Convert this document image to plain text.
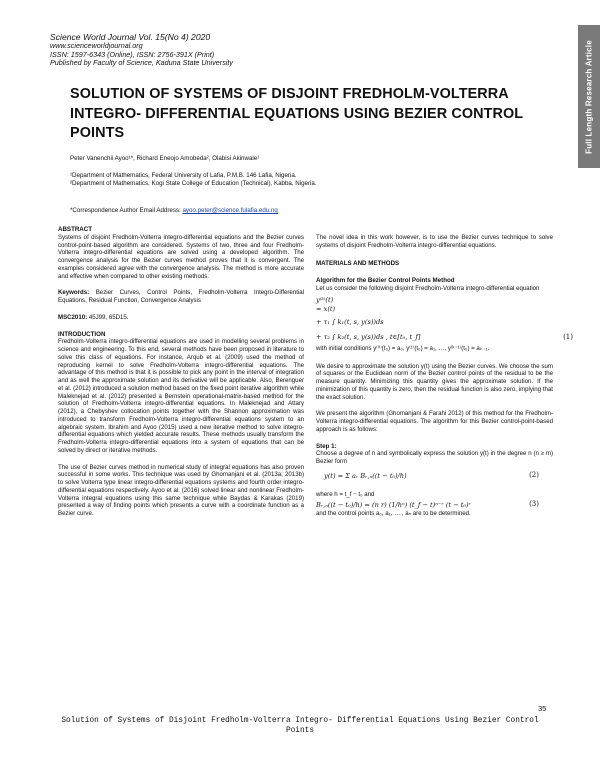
Science World Journal Vol. 15(No 4) 2020
www.scienceworldjournal.org
ISSN: 1597-6343 (Online), ISSN: 2756-391X (Print)
Published by Faculty of Science, Kaduna State University	Full Length Research Article
SOLUTION OF SYSTEMS OF DISJOINT FREDHOLM-VOLTERRA INTEGRO- DIFFERENTIAL EQUATIONS USING BEZIER CONTROL POINTS
Peter Vanenchii Ayoo¹*, Richard Eneojo Amobeda², Olabisi Akinwale¹
¹Department of Mathematics, Federal University of Lafia, P.M.B. 146 Lafia, Nigeria.
²Department of Mathematics, Kogi State College of Education (Technical), Kabba, Nigeria.
*Correspondence Author Email Address: ayoo.peter@science.fulafia.edu.ng
ABSTRACT

Systems of disjoint Fredholm-Volterra integro-differential equations and the Bezier curves control-point-based algorithm are considered. Systems of two, three and four Fredholm-Volterra integro-differential equations are solved using a developed algorithm. The convergence analysis for the Bezier curves method proves that it is convergent. The examples considered agree with the convergence analysis. The method is more accurate and effective when compared to other existing methods.

Keywords: Bezier Curves, Control Points, Fredholm-Volterra Integro-Differential Equations, Residual Function, Convergence Analysis

MSC2010: 45J99, 65D15.

INTRODUCTION

Fredholm-Volterra integro-differential equations are used in modelling several problems in science and engineering. To this end, several methods have been proposed in literature to solve this class of equations. For instance, Arqub et al. (2009) used the method of reproducing kernel to solve Fredholm-Volterra integro-differential equations. The advantage of this method is that it is possible to pick any point in the interval of integration and as well the approximate solution and its derivative will be applicable. Also, Berenguer et al. (2012) introduced a solution method based on the fixed point iterative algorithm while Maleknejad et al. (2012) presented a Bernstein operational-matrix-based method for the solution of Fredholm-Volterra integro-differential equations. In Maleknejad and Attary (2012), a Chebyshev collocation points together with the Shannon approximation was introduced to transform Fredholm-Volterra integro-differential equations system to an algebraic system. Ibrahim and Ayoo (2015) used a new iterative method to solve integro-differential equations which yielded accurate results. These methods usually transform the Fredholm-Volterra integro-differential equations into a system of equations that can be solved by direct or iterative methods.

The use of Bezier curves method in numerical study of integral equations has also proven successful in some works. This technique was used by Ghomanjani et al. (2013a; 2013b) to solve Volterra type linear integro-differential equations systems and fourth order integro-differential equations respectively. Ayoo et al. (2016) solved linear and nonlinear Fredholm-Volterra integral equations using this same technique while Baydas & Karakas (2019) presented a way of finding points which presents a curve with a coordinate function as a Bezier curve.

The novel idea in this work however, is to use the Bezier curves technique to solve systems of disjoint Fredholm-Volterra integro-differential equations.

MATERIALS AND METHODS
Algorithm for the Bezier Control Points Method

Let us consider the following disjoint Fredholm-Volterra integro-differential equation

y⁽ᵏ⁾(t)
= x(t)
+ τ₁ ∫ k₁(t, s, y(s))ds
+ τ₂ ∫ k₂(t, s, y(s))ds , t∈[t₀, t_f]	(1)

with initial conditions y⁽⁰⁾(t₀) = a₀, y⁽¹⁾(t₀) = a₁, …, y⁽ᵏ⁻¹⁾(t₀) = aₖ₋₁.

We desire to approximate the solution y(t) using the Bezier curves. We choose the sum of squares or the Euclidean norm of the Bezier control points of the residual to be the measure quantity. Minimizing this quantity gives the approximate solution. If the minimization of this quantity is zero, then the residual function is also zero, implying that the exact solution.

We present the algorithm (Ghomanjani & Farahi 2012) of this method for the Fredholm-Volterra integro-differential equations. The algorithm for this Bezier control-point-based approach is as follows:

Step 1:

Choose a degree of n and symbolically express the solution y(t) in the degree n (n ≥ m) Bezier form

y(t) = Σ aᵣ Bᵣ,ₙ((t − t₀)/h)	(2)

where h = t_f − t₀ and

Bᵣ,ₙ((t − t₀)/h) = (n r) (1/hⁿ) (t_f − t)ⁿ⁻ʳ (t − t₀)ʳ	(3)

and the control points a₀, a₁, … , aₙ are to be determined.

35
Solution of Systems of Disjoint Fredholm-Volterra Integro- Differential Equations Using Bezier Control Points
